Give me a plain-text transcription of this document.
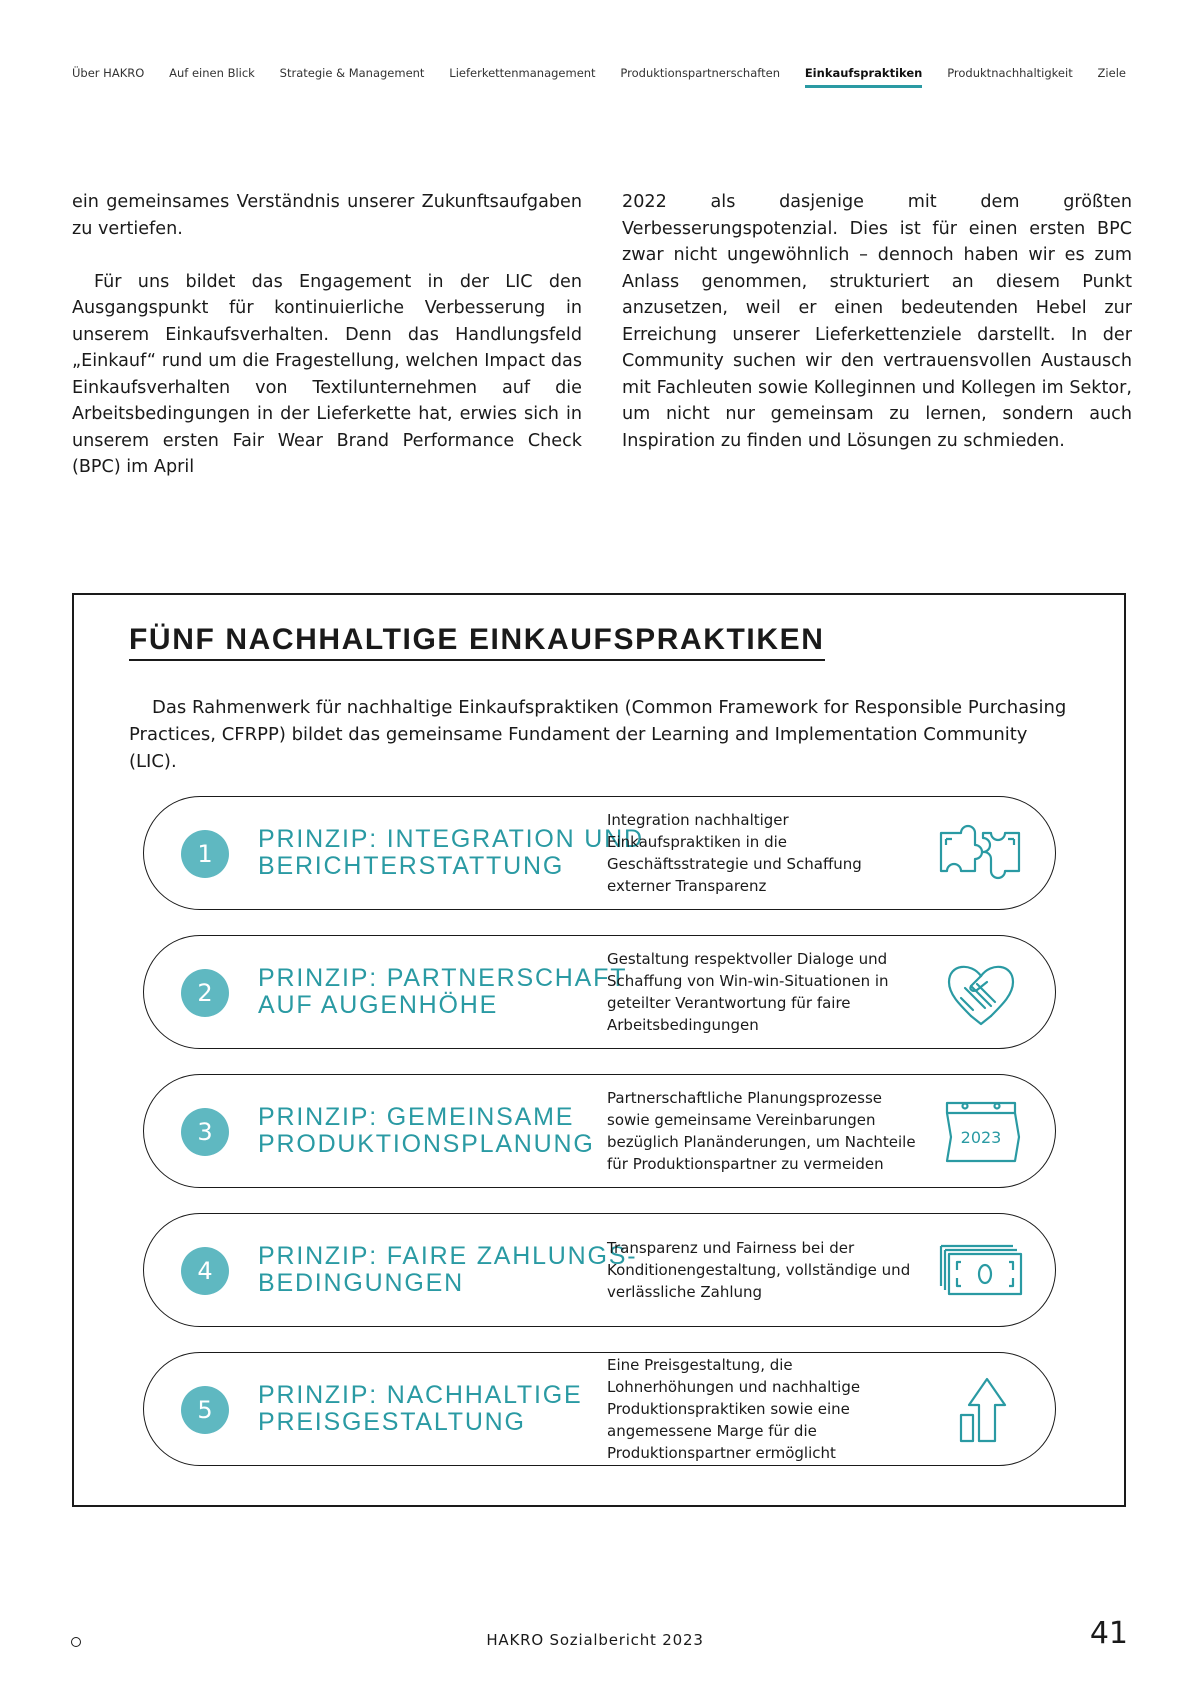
Über HAKRO Auf einen Blick Strategie & Management Lieferkettenmanagement Produktionspartnerschaften Einkaufspraktiken Produktnachhaltigkeit Ziele

ein gemeinsames Verständnis unserer Zukunftsaufgaben zu vertiefen.

Für uns bildet das Engagement in der LIC den Ausgangspunkt für kontinuierliche Verbesserung in unserem Einkaufsverhalten. Denn das Handlungsfeld „Einkauf“ rund um die Fragestellung, welchen Impact das Einkaufsverhalten von Textilunternehmen auf die Arbeitsbedingungen in der Lieferkette hat, erwies sich in unserem ersten Fair Wear Brand Performance Check (BPC) im April

2022 als dasjenige mit dem größten Verbesserungspotenzial. Dies ist für einen ersten BPC zwar nicht ungewöhnlich – dennoch haben wir es zum Anlass genommen, strukturiert an diesem Punkt anzusetzen, weil er einen bedeutenden Hebel zur Erreichung unserer Lieferkettenziele darstellt. In der Community suchen wir den vertrauensvollen Austausch mit Fachleuten sowie Kolleginnen und Kollegen im Sektor, um nicht nur gemeinsam zu lernen, sondern auch Inspiration zu finden und Lösungen zu schmieden.

FÜNF NACHHALTIGE EINKAUFSPRAKTIKEN

Das Rahmenwerk für nachhaltige Einkaufspraktiken (Common Framework for Responsible Purchasing Practices, CFRPP) bildet das gemeinsame Fundament der Learning and Implementation Community (LIC).

1
PRINZIP: INTEGRATION UND
BERICHTERSTATTUNG
Integration nachhaltiger Einkaufspraktiken in die Geschäftsstrategie und Schaffung externer Transparenz
2
PRINZIP: PARTNERSCHAFT
AUF AUGENHÖHE
Gestaltung respektvoller Dialoge und Schaffung von Win-win-Situationen in geteilter Verantwortung für faire Arbeitsbedingungen
3
PRINZIP: GEMEINSAME
PRODUKTIONSPLANUNG
Partnerschaftliche Planungsprozesse sowie gemeinsame Vereinbarungen bezüglich Planänderungen, um Nachteile für Produktionspartner zu vermeiden
2023
4
PRINZIP: FAIRE ZAHLUNGS-
BEDINGUNGEN
Transparenz und Fairness bei der Konditionengestaltung, vollständige und verlässliche Zahlung
5
PRINZIP: NACHHALTIGE
PREISGESTALTUNG
Eine Preisgestaltung, die Lohnerhöhungen und nachhaltige Produktionspraktiken sowie eine angemessene Marge für die Produktionspartner ermöglicht
HAKRO Sozialbericht 2023	41
